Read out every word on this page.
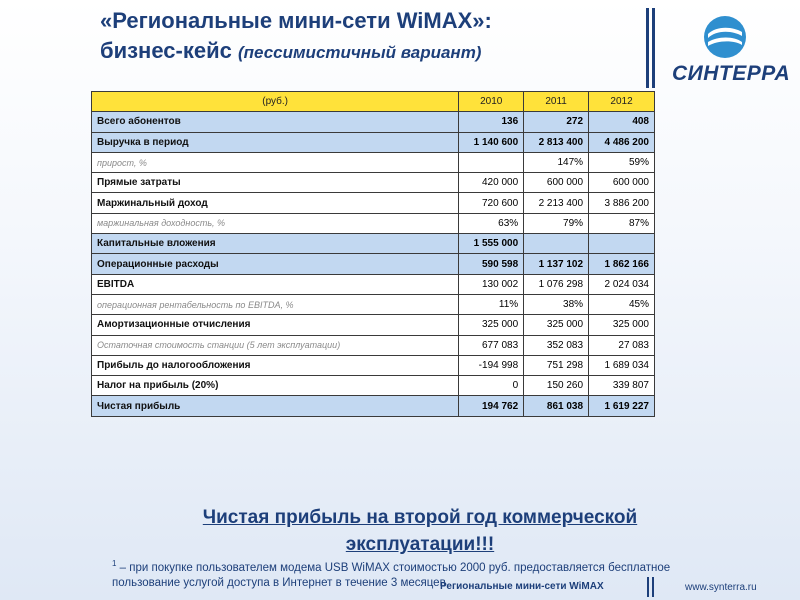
«Региональные мини-сети WiMAX»:
бизнес-кейс (пессимистичный вариант)
СИНТЕРРА
(руб.)	2010	2011	2012
Всего абонентов	136	272	408
Выручка в период	1 140 600	2 813 400	4 486 200
прирост, %		147%	59%
Прямые затраты	420 000	600 000	600 000
Маржинальный доход	720 600	2 213 400	3 886 200
маржинальная доходность, %	63%	79%	87%
Капитальные вложения	1 555 000		
Операционные расходы	590 598	1 137 102	1 862 166
EBITDA	130 002	1 076 298	2 024 034
операционная рентабельность по EBITDA, %	11%	38%	45%
Амортизационные отчисления	325 000	325 000	325 000
Остаточная стоимость станции (5 лет эксплуатации)	677 083	352 083	27 083
Прибыль до налогообложения	-194 998	751 298	1 689 034
Налог на прибыль (20%)	0	150 260	339 807
Чистая прибыль	194 762	861 038	1 619 227
Чистая прибыль на второй год коммерческой эксплуатации!!!
$^1$ – при покупке пользователем модема USB WiMAX стоимостью 2000 руб. предоставляется бесплатное пользование услугой доступа в Интернет в течение 3 месяцев
Региональные мини-сети WiMAX	www.synterra.ru
